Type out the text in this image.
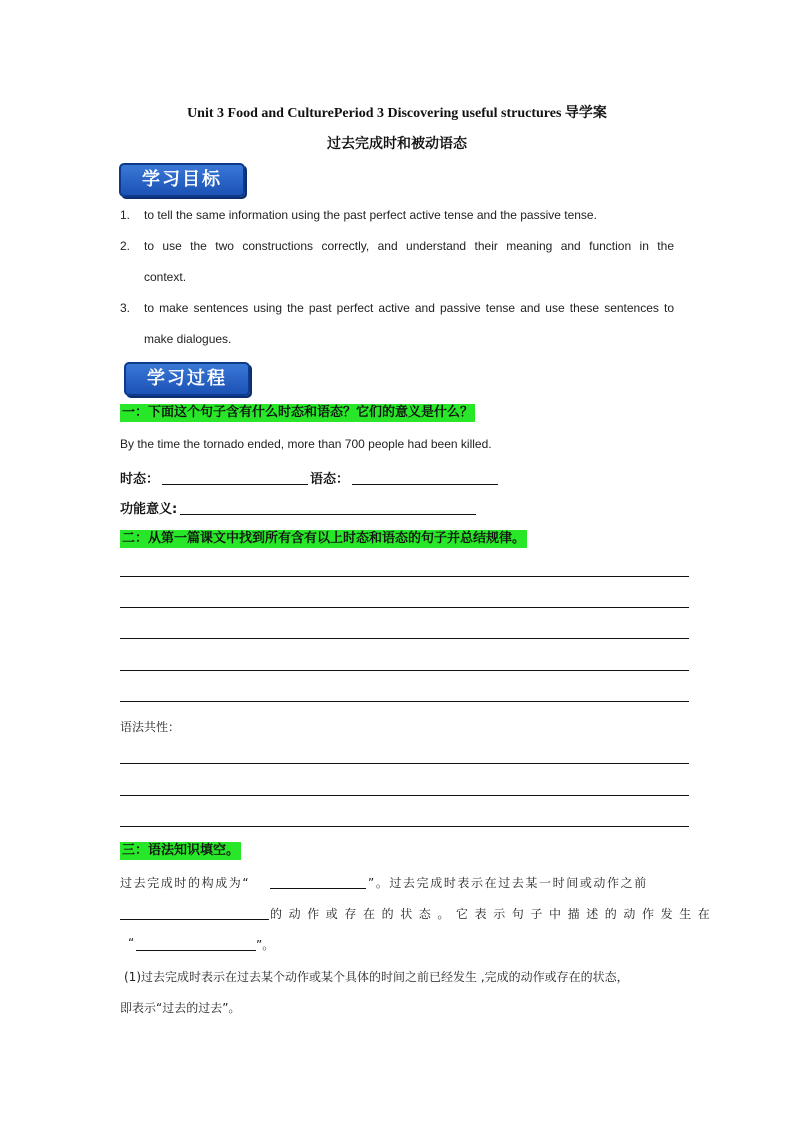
Unit 3 Food and CulturePeriod 3 Discovering useful structures 导学案
过去完成时和被动语态
学习目标
1.	to tell the same information using the past perfect active tense and the passive tense.
2.	to use the two constructions correctly, and understand their meaning and function in the
context.
3.	to make sentences using the past perfect active and passive tense and use these sentences to
make dialogues.
学习过程
一：下面这个句子含有什么时态和语态？它们的意义是什么？
By the time the tornado ended, more than 700 people had been killed.
时态：	语态：
功能意义:
二：从第一篇课文中找到所有含有以上时态和语态的句子并总结规律。
语法共性：
三：语法知识填空。
过去完成时的构成为“	”。过去完成时表示在过去某一时间或动作之前
的动作或存在的状态。它表示句子中描述的动作发生在
“	”。
(1)过去完成时表示在过去某个动作或某个具体的时间之前已经发生 ,完成的动作或存在的状态，
即表示“过去的过去”。
